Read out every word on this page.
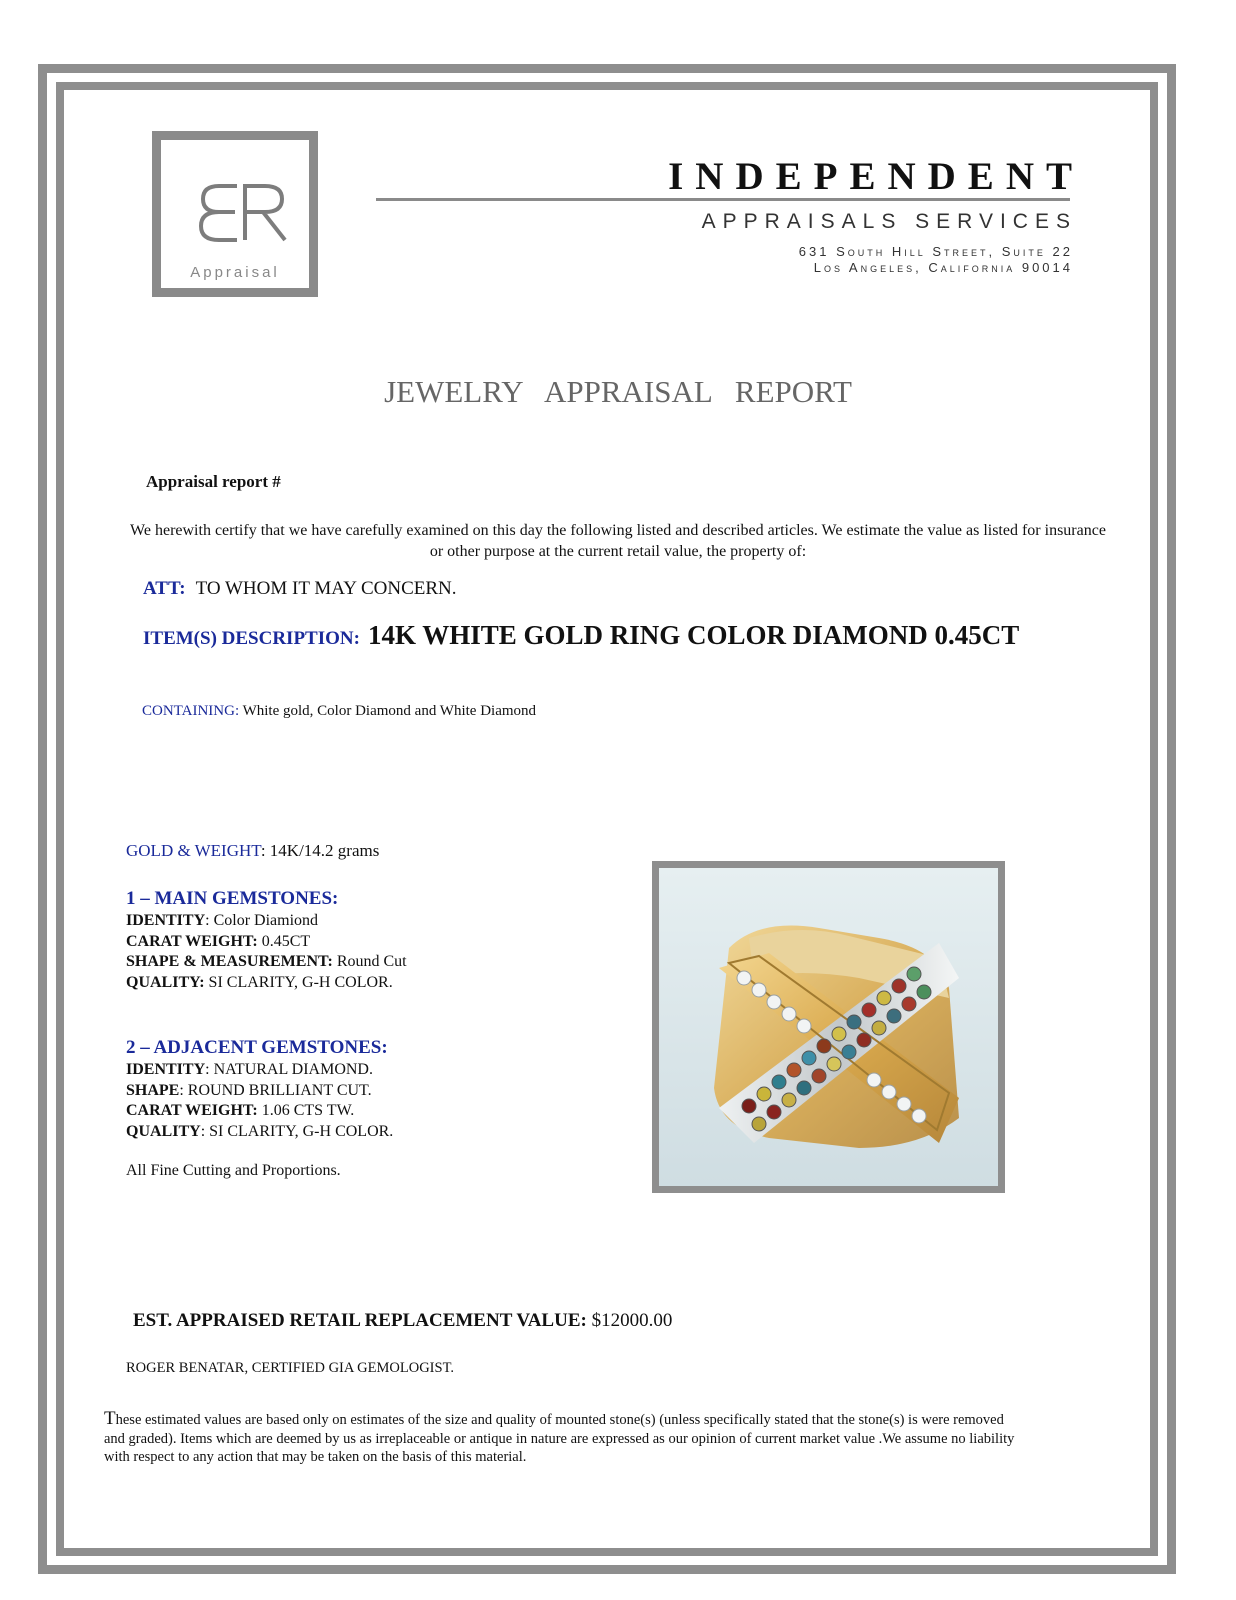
Appraisal
INDEPENDENT
APPRAISALS SERVICES
631 South Hill Street, Suite 22
Los Angeles, California 90014
JEWELRY   APPRAISAL   REPORT
Appraisal report #
We herewith certify that we have carefully examined on this day the following listed and described articles. We estimate the value as listed for insurance or other purpose at the current retail value, the property of:
ATT: TO WHOM IT MAY CONCERN.
ITEM(S) DESCRIPTION: 14K WHITE GOLD RING COLOR DIAMOND 0.45CT
CONTAINING: White gold, Color Diamond and White Diamond
GOLD & WEIGHT: 14K/14.2 grams
1 – MAIN GEMSTONES:
IDENTITY: Color Diamiond
CARAT WEIGHT: 0.45CT
SHAPE & MEASUREMENT: Round Cut
QUALITY: SI CLARITY, G-H COLOR.
2 – ADJACENT GEMSTONES:
IDENTITY: NATURAL DIAMOND.
SHAPE: ROUND BRILLIANT CUT.
CARAT WEIGHT: 1.06 CTS TW.
QUALITY: SI CLARITY, G-H COLOR.
All Fine Cutting and Proportions.
EST. APPRAISED RETAIL REPLACEMENT VALUE: $12000.00
ROGER BENATAR, CERTIFIED GIA GEMOLOGIST.
These estimated values are based only on estimates of the size and quality of mounted stone(s) (unless specifically stated that the stone(s) is were removed and graded). Items which are deemed by us as irreplaceable or antique in nature are expressed as our opinion of current market value .We assume no liability with respect to any action that may be taken on the basis of this material.
